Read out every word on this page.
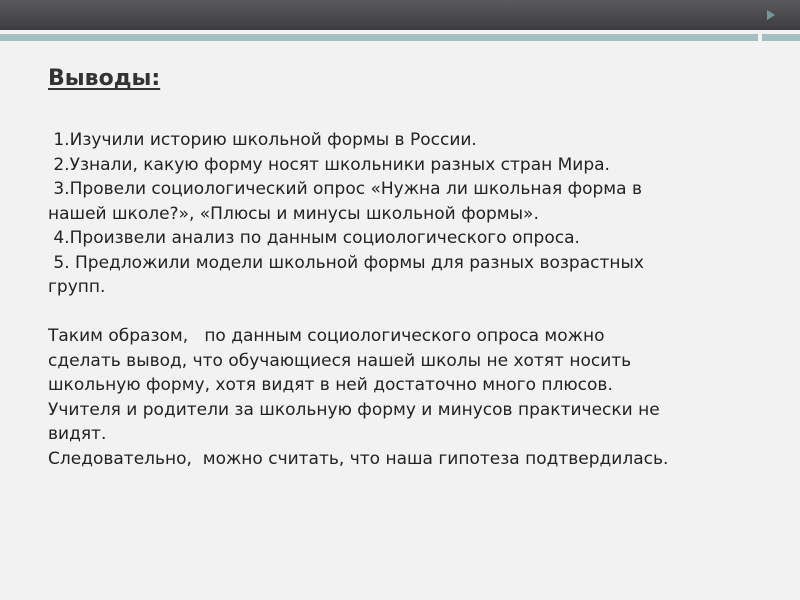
Выводы:
1.Изучили историю школьной формы в России.
2.Узнали, какую форму носят школьники разных стран Мира.
3.Провели социологический опрос «Нужна ли школьная форма в
нашей школе?», «Плюсы и минусы школьной формы».
4.Произвели анализ по данным социологического опроса.
5. Предложили модели школьной формы для разных возрастных
групп.
Таким образом,   по данным социологического опроса можно
сделать вывод, что обучающиеся нашей школы не хотят носить
школьную форму, хотя видят в ней достаточно много плюсов.
Учителя и родители за школьную форму и минусов практически не
видят.
Следовательно,  можно считать, что наша гипотеза подтвердилась.
